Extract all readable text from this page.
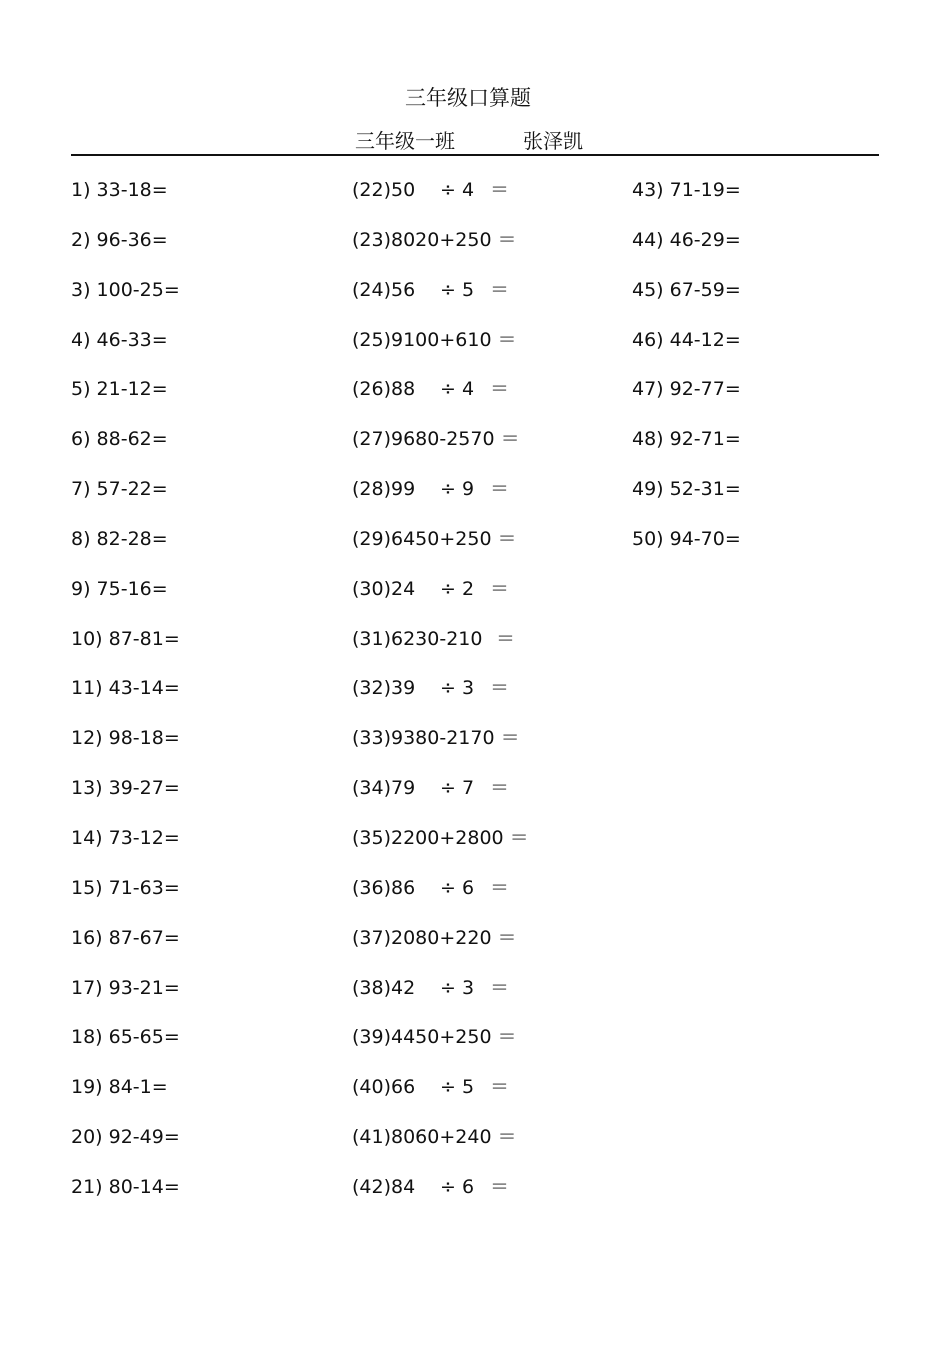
三年级口算题
三年级一班	张泽凯
1) 33-18=
2) 96-36=
3) 100-25=
4) 46-33=
5) 21-12=
6) 88-62=
7) 57-22=
8) 82-28=
9) 75-16=
10) 87-81=
11) 43-14=
12) 98-18=
13) 39-27=
14) 73-12=
15) 71-63=
16) 87-67=
17) 93-21=
18) 65-65=
19) 84-1=
20) 92-49=
21) 80-14=
(22)50 ÷ 4 ＝
(23)8020+250 ＝
(24)56 ÷ 5 ＝
(25)9100+610 ＝
(26)88 ÷ 4 ＝
(27)9680-2570 ＝
(28)99 ÷ 9 ＝
(29)6450+250 ＝
(30)24 ÷ 2 ＝
(31)6230-210 ＝
(32)39 ÷ 3 ＝
(33)9380-2170 ＝
(34)79 ÷ 7 ＝
(35)2200+2800 ＝
(36)86 ÷ 6 ＝
(37)2080+220 ＝
(38)42 ÷ 3 ＝
(39)4450+250 ＝
(40)66 ÷ 5 ＝
(41)8060+240 ＝
(42)84 ÷ 6 ＝
43) 71-19=
44) 46-29=
45) 67-59=
46) 44-12=
47) 92-77=
48) 92-71=
49) 52-31=
50) 94-70=
